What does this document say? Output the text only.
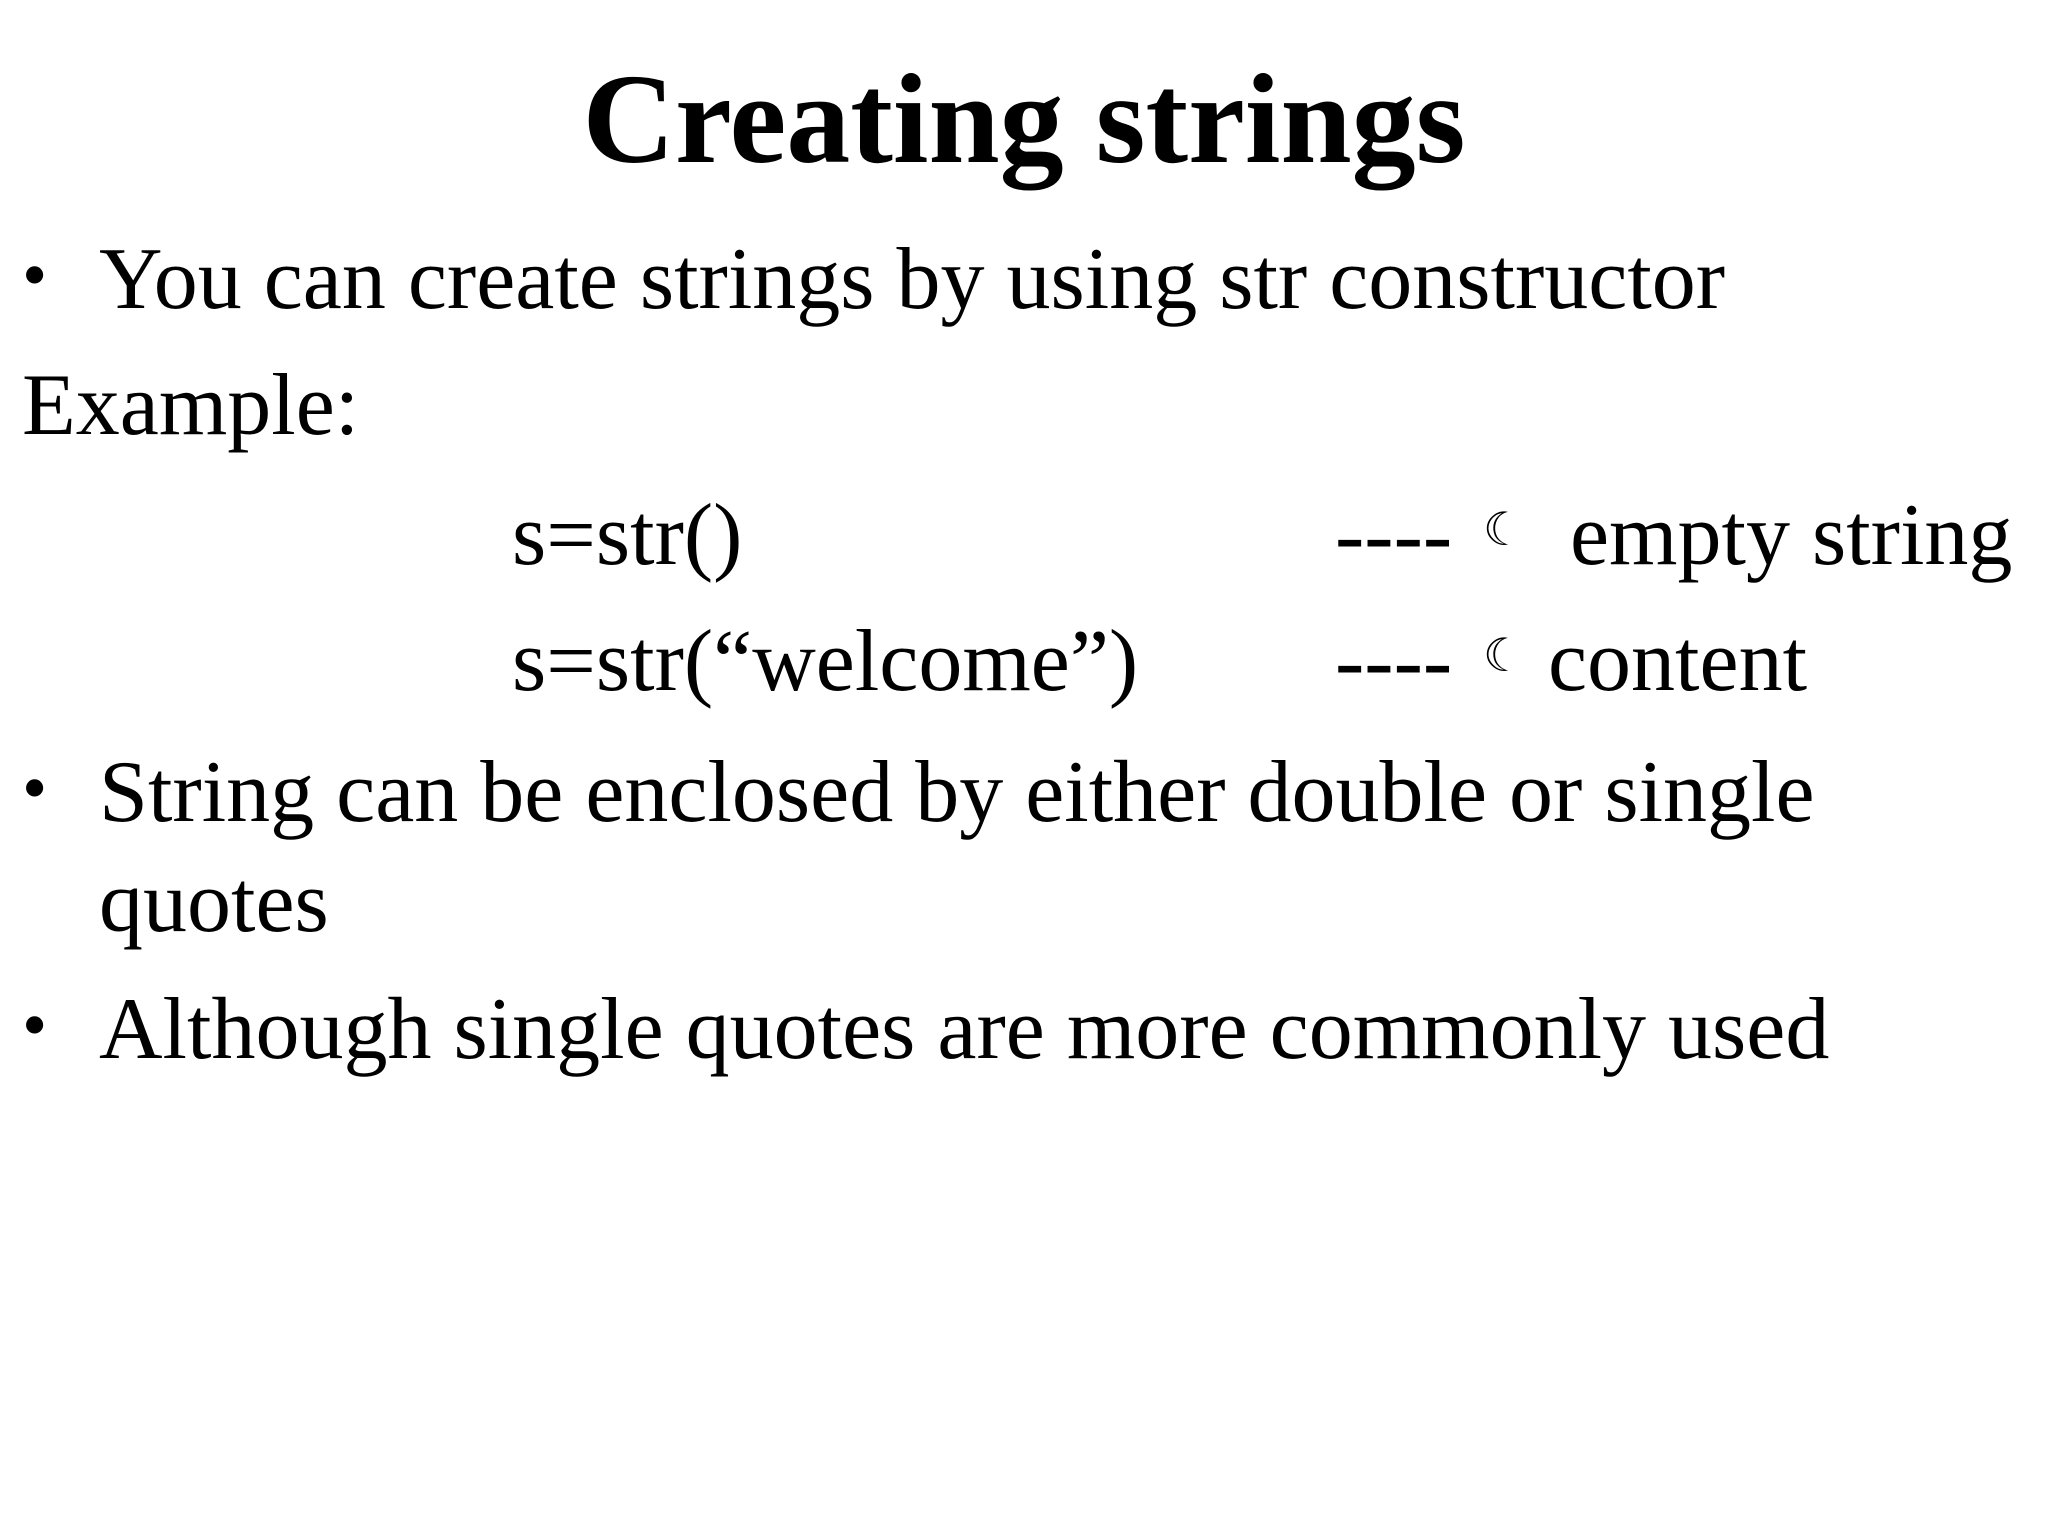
Creating strings
• You can create strings by using str constructor
Example:
s=str()	---- ☾ empty string
s=str(“welcome”) ---- ☾ content
• String can be enclosed by either double or single
quotes
• Although single quotes are more commonly used
